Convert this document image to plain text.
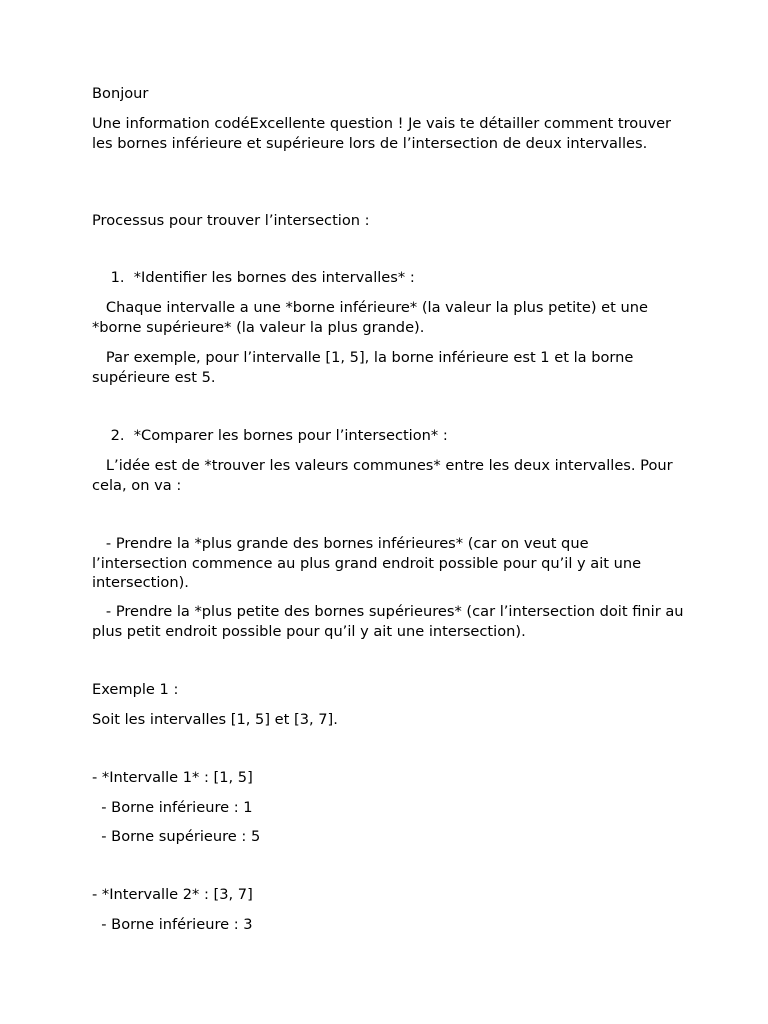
Bonjour

Une information codéExcellente question ! Je vais te détailler comment trouver les bornes inférieure et supérieure lors de l’intersection de deux intervalles.

Processus pour trouver l’intersection :

1.  *Identifier les bornes des intervalles* :

Chaque intervalle a une *borne inférieure* (la valeur la plus petite) et une *borne supérieure* (la valeur la plus grande).

Par exemple, pour l’intervalle [1, 5], la borne inférieure est 1 et la borne supérieure est 5.

2.  *Comparer les bornes pour l’intersection* :

L’idée est de *trouver les valeurs communes* entre les deux intervalles. Pour cela, on va :

- Prendre la *plus grande des bornes inférieures* (car on veut que l’intersection commence au plus grand endroit possible pour qu’il y ait une intersection).

- Prendre la *plus petite des bornes supérieures* (car l’intersection doit finir au plus petit endroit possible pour qu’il y ait une intersection).

Exemple 1 :

Soit les intervalles [1, 5] et [3, 7].

- *Intervalle 1* : [1, 5]

- Borne inférieure : 1

- Borne supérieure : 5

- *Intervalle 2* : [3, 7]

- Borne inférieure : 3
